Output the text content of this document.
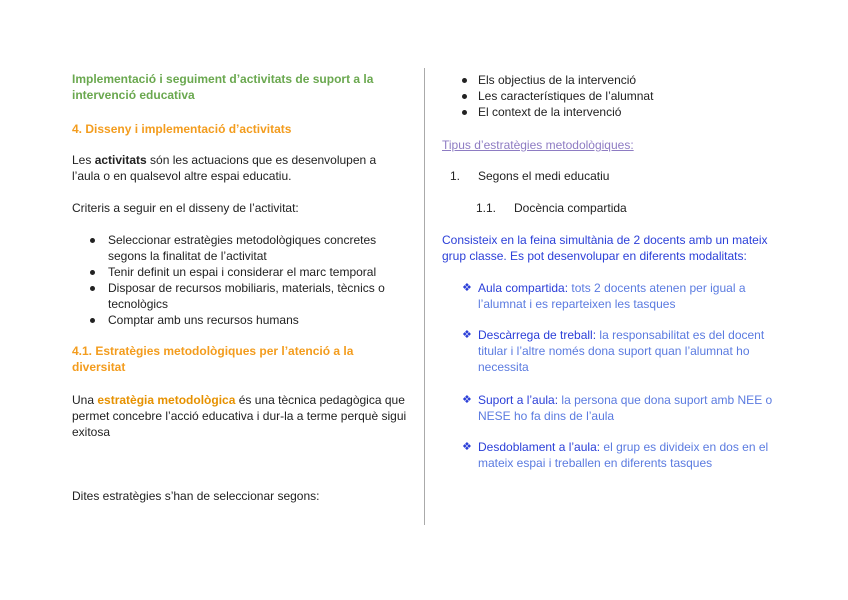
Implementació i seguiment d’activitats de suport a la intervenció educativa

4. Disseny i implementació d’activitats

Les activitats són les actuacions que es desenvolupen a l’aula o en qualsevol altre espai educatiu.

Criteris a seguir en el disseny de l’activitat:

Seleccionar estratègies metodològiques concretes segons la finalitat de l’activitat

Tenir definit un espai i considerar el marc temporal

Disposar de recursos mobiliaris, materials, tècnics o tecnològics

Comptar amb uns recursos humans

4.1. Estratègies metodològiques per l’atenció a la diversitat

Una estratègia metodològica és una tècnica pedagògica que permet concebre l’acció educativa i dur-la a terme perquè sigui exitosa

Dites estratègies s’han de seleccionar segons:

Els objectius de la intervenció

Les característiques de l’alumnat

El context de la intervenció

Tipus d’estratègies metodològiques:

1. Segons el medi educatiu

1.1. Docència compartida

Consisteix en la feina simultània de 2 docents amb un mateix grup classe. Es pot desenvolupar en diferents modalitats:

❖ Aula compartida: tots 2 docents atenen per igual a l’alumnat i es reparteixen les tasques
❖ Descàrrega de treball: la responsabilitat es del docent titular i l’altre només dona suport quan l’alumnat ho necessita
❖ Suport a l’aula: la persona que dona suport amb NEE o NESE ho fa dins de l’aula
❖ Desdoblament a l’aula: el grup es divideix en dos en el mateix espai i treballen en diferents tasques
